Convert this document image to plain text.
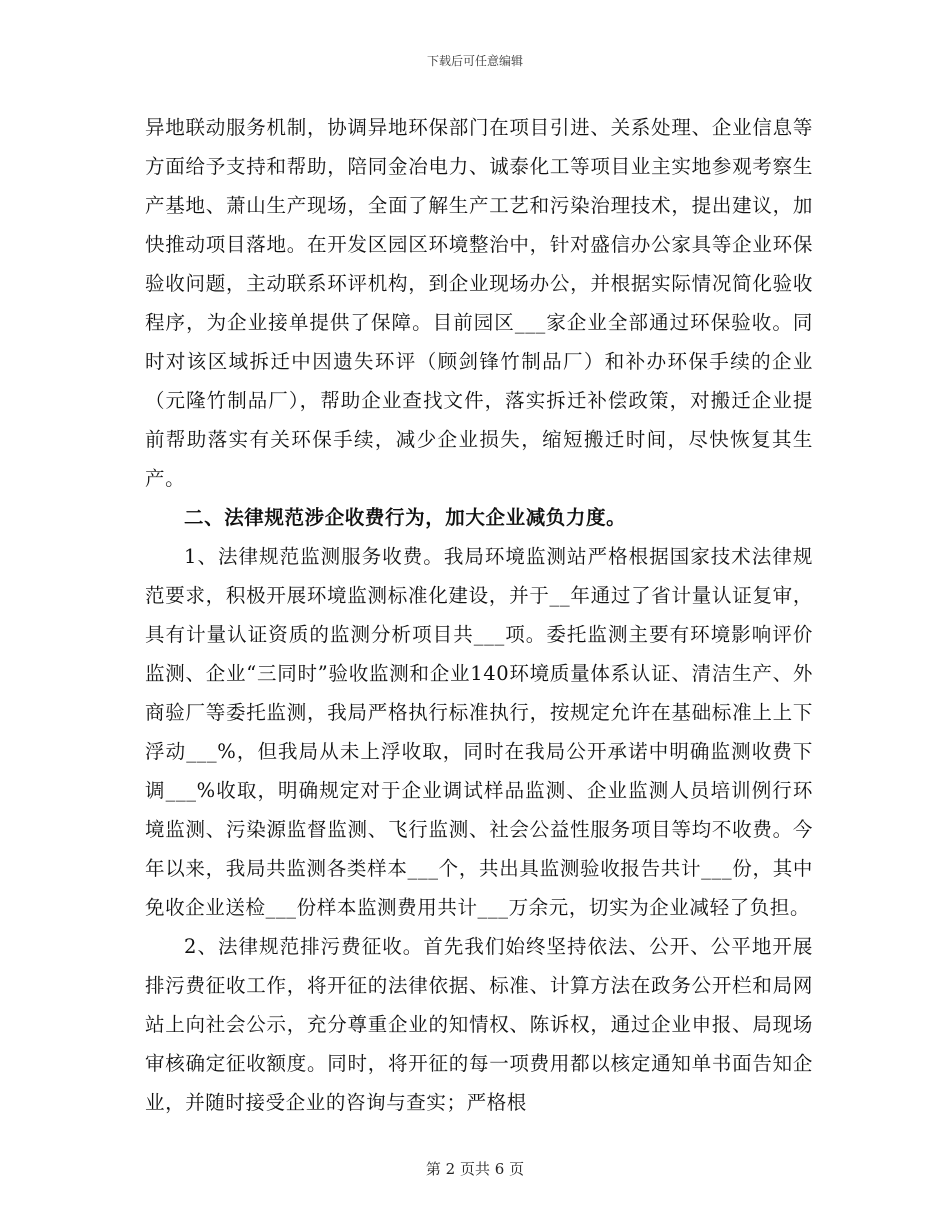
下载后可任意编辑

异地联动服务机制，协调异地环保部门在项目引进、关系处理、企业信息等方面给予支持和帮助，陪同金冶电力、诚泰化工等项目业主实地参观考察生产基地、萧山生产现场，全面了解生产工艺和污染治理技术，提出建议，加快推动项目落地。在开发区园区环境整治中，针对盛信办公家具等企业环保验收问题，主动联系环评机构，到企业现场办公，并根据实际情况简化验收程序，为企业接单提供了保障。目前园区___家企业全部通过环保验收。同时对该区域拆迁中因遗失环评（顾剑锋竹制品厂）和补办环保手续的企业（元隆竹制品厂），帮助企业查找文件，落实拆迁补偿政策，对搬迁企业提前帮助落实有关环保手续，减少企业损失，缩短搬迁时间，尽快恢复其生产。

二、法律规范涉企收费行为，加大企业减负力度。

1、法律规范监测服务收费。我局环境监测站严格根据国家技术法律规范要求，积极开展环境监测标准化建设，并于__年通过了省计量认证复审，具有计量认证资质的监测分析项目共___项。委托监测主要有环境影响评价监测、企业“三同时”验收监测和企业140环境质量体系认证、清洁生产、外商验厂等委托监测，我局严格执行标准执行，按规定允许在基础标准上上下浮动___%，但我局从未上浮收取，同时在我局公开承诺中明确监测收费下调___%收取，明确规定对于企业调试样品监测、企业监测人员培训例行环境监测、污染源监督监测、飞行监测、社会公益性服务项目等均不收费。今年以来，我局共监测各类样本___个，共出具监测验收报告共计___份，其中免收企业送检___份样本监测费用共计___万余元，切实为企业减轻了负担。

2、法律规范排污费征收。首先我们始终坚持依法、公开、公平地开展排污费征收工作，将开征的法律依据、标准、计算方法在政务公开栏和局网站上向社会公示，充分尊重企业的知情权、陈诉权，通过企业申报、局现场审核确定征收额度。同时，将开征的每一项费用都以核定通知单书面告知企业，并随时接受企业的咨询与查实；严格根

第 2 页共 6 页
